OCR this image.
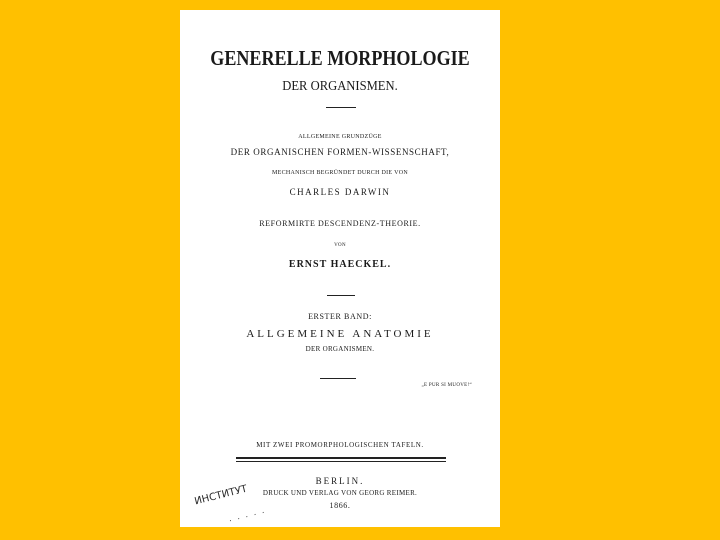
GENERELLE MORPHOLOGIE
DER ORGANISMEN.
ALLGEMEINE GRUNDZÜGE
DER ORGANISCHEN FORMEN-WISSENSCHAFT,
MECHANISCH BEGRÜNDET DURCH DIE VON
CHARLES DARWIN
REFORMIRTE DESCENDENZ-THEORIE.
VON
ERNST HAECKEL.
ERSTER BAND:
ALLGEMEINE ANATOMIE
DER ORGANISMEN.
„E PUR SI MUOVE!“
MIT ZWEI PROMORPHOLOGISCHEN TAFELN.
BERLIN.
DRUCK UND VERLAG VON GEORG REIMER.
1866.
ИНСТИТУТ
· · · · ·
